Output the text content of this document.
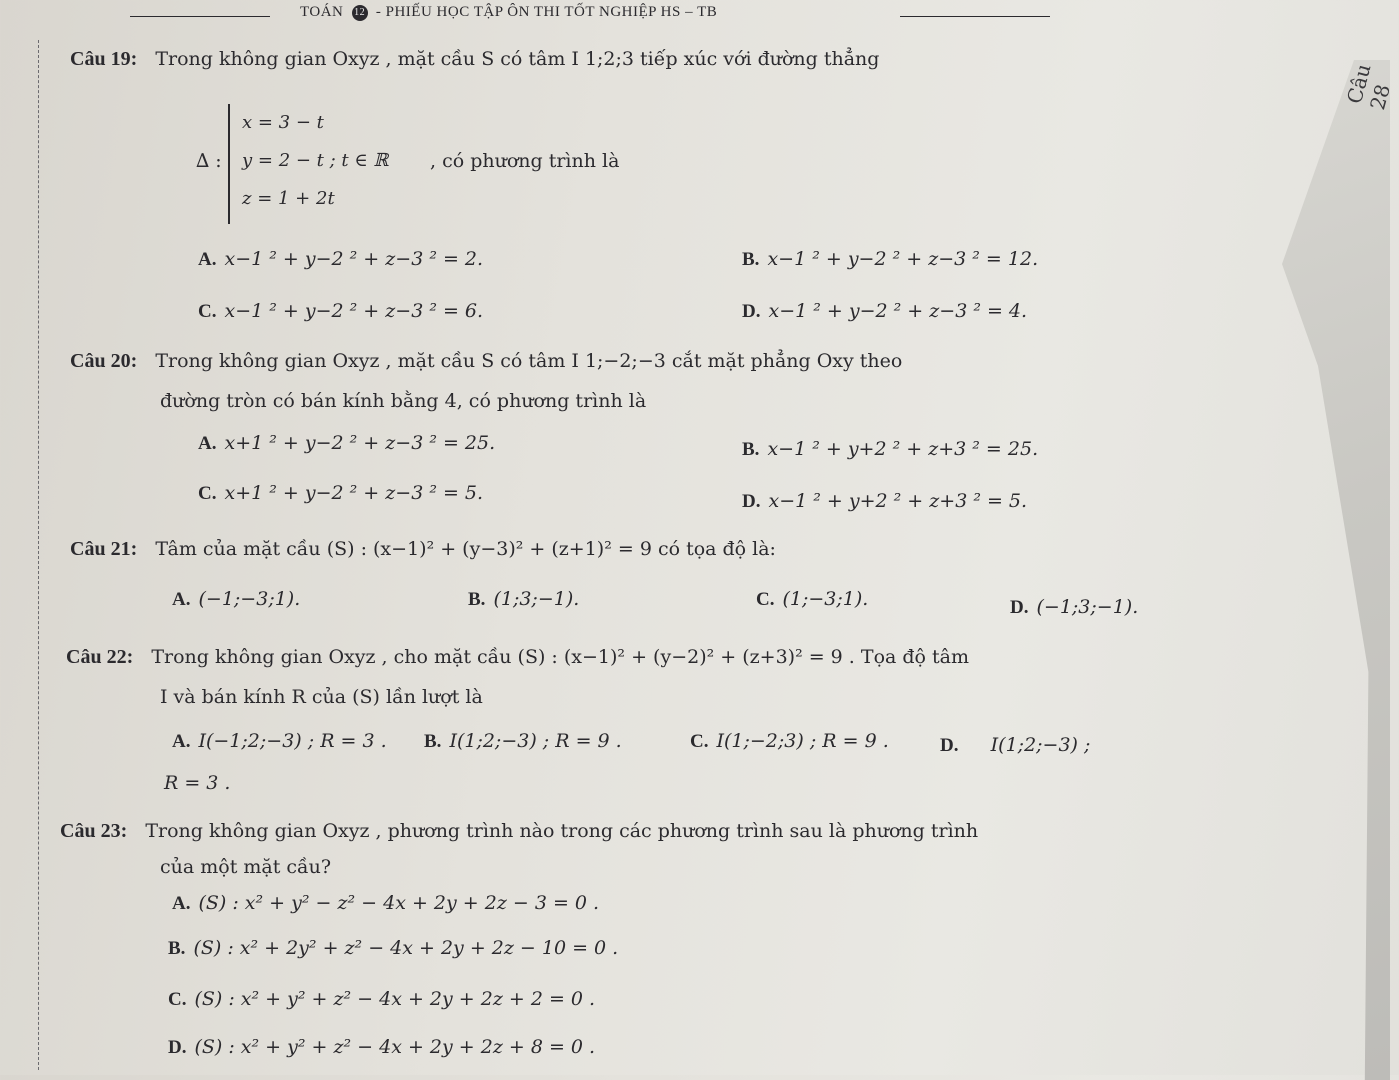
TOÁN 12 - PHIẾU HỌC TẬP ÔN THI TỐT NGHIỆP HS – TB
Câu 28
Câu 19: Trong không gian Oxyz , mặt cầu S có tâm I 1;2;3 tiếp xúc với đường thẳng
∆ :
x = 3 − t
y = 2 − t ; t ∈ ℝ
z = 1 + 2t
, có phương trình là
A. x−1 ² + y−2 ² + z−3 ² = 2.	B. x−1 ² + y−2 ² + z−3 ² = 12.
C. x−1 ² + y−2 ² + z−3 ² = 6.	D. x−1 ² + y−2 ² + z−3 ² = 4.
Câu 20: Trong không gian Oxyz , mặt cầu S có tâm I 1;−2;−3 cắt mặt phẳng Oxy theo
đường tròn có bán kính bằng 4, có phương trình là
A. x+1 ² + y−2 ² + z−3 ² = 25.	B. x−1 ² + y+2 ² + z+3 ² = 25.
C. x+1 ² + y−2 ² + z−3 ² = 5.	D. x−1 ² + y+2 ² + z+3 ² = 5.
Câu 21: Tâm của mặt cầu (S) : (x−1)² + (y−3)² + (z+1)² = 9 có tọa độ là:
A. (−1;−3;1).	B. (1;3;−1).	C. (1;−3;1).	D. (−1;3;−1).
Câu 22: Trong không gian Oxyz , cho mặt cầu (S) : (x−1)² + (y−2)² + (z+3)² = 9 . Tọa độ tâm
I và bán kính R của (S) lần lượt là
A. I(−1;2;−3) ; R = 3 . B. I(1;2;−3) ; R = 9 .	C. I(1;−2;3) ; R = 9 .	D. I(1;2;−3) ;
R = 3 .
Câu 23: Trong không gian Oxyz , phương trình nào trong các phương trình sau là phương trình
của một mặt cầu?
A. (S) : x² + y² − z² − 4x + 2y + 2z − 3 = 0 .
B. (S) : x² + 2y² + z² − 4x + 2y + 2z − 10 = 0 .
C. (S) : x² + y² + z² − 4x + 2y + 2z + 2 = 0 .
D. (S) : x² + y² + z² − 4x + 2y + 2z + 8 = 0 .
